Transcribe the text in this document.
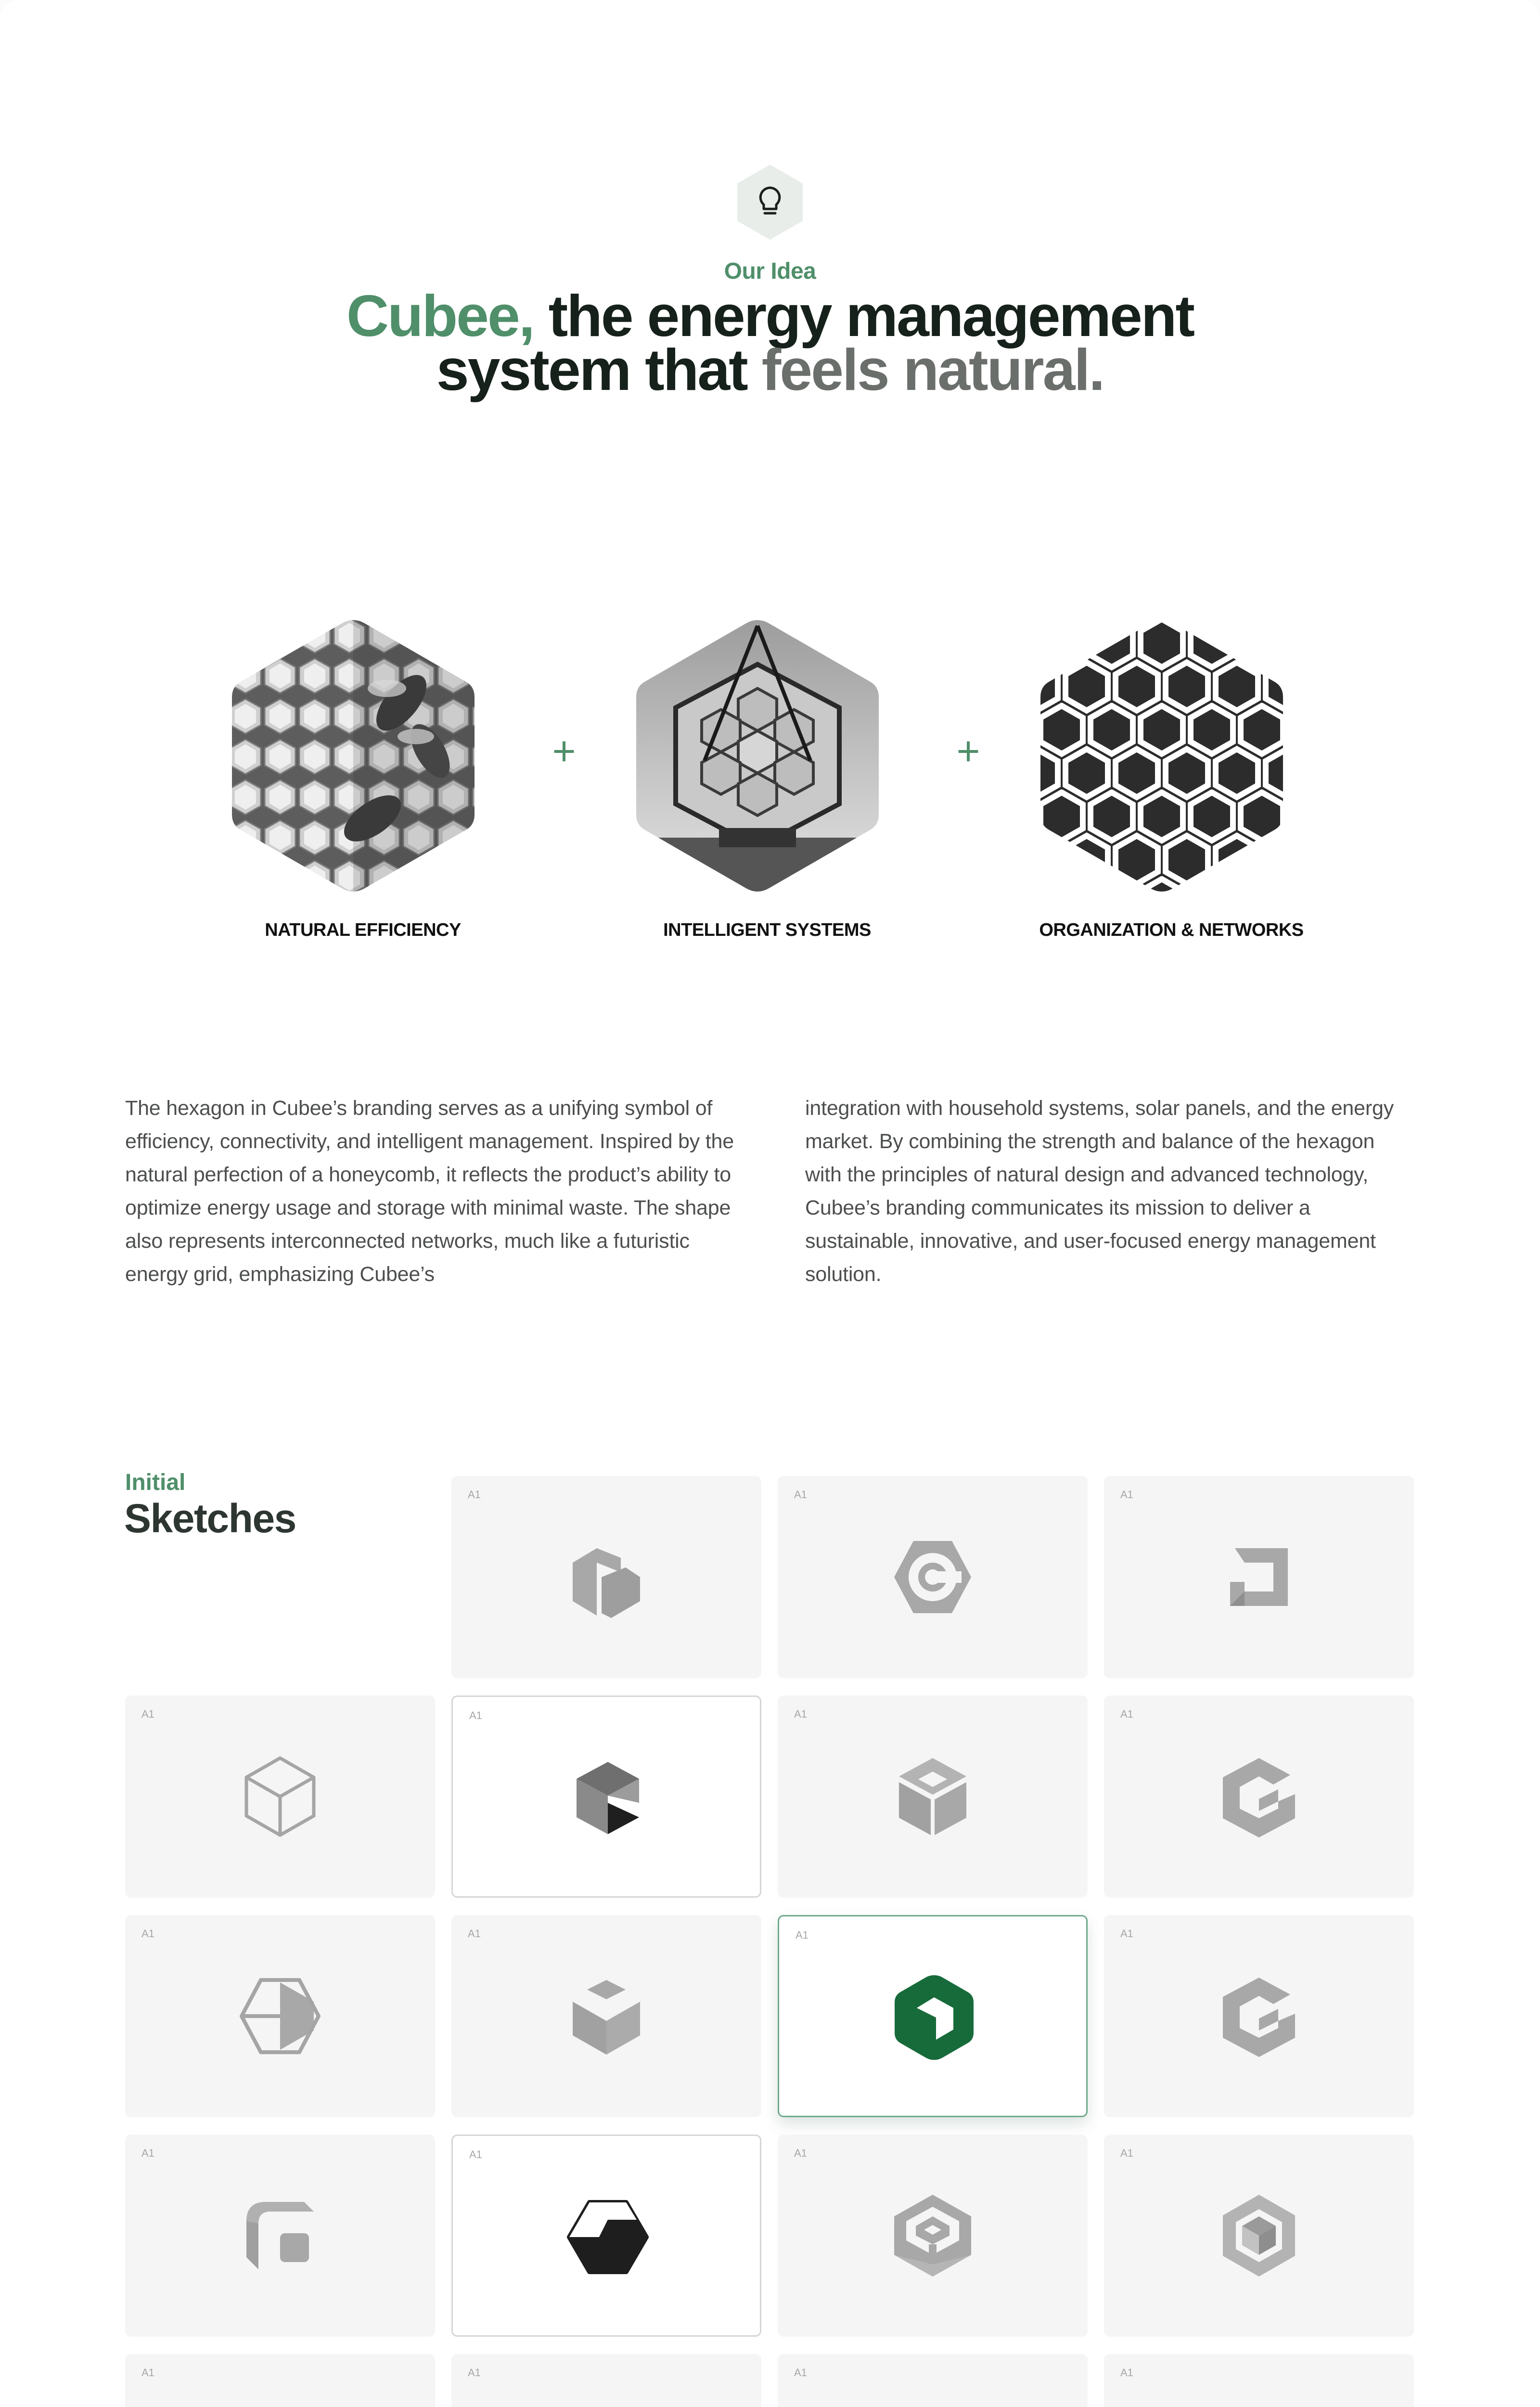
Our Idea
Cubee, the energy management system that feels natural.
NATURAL EFFICIENCY
+
INTELLIGENT SYSTEMS
+
ORGANIZATION & NETWORKS
The hexagon in Cubee’s branding serves as a unifying symbol of efficiency, connectivity, and intelligent management. Inspired by the natural perfection of a honeycomb, it reflects the product’s ability to optimize energy usage and storage with minimal waste. The shape also represents interconnected networks, much like a futuristic energy grid, emphasizing Cubee’s
integration with household systems, solar panels, and the energy market. By combining the strength and balance of the hexagon with the principles of natural design and advanced technology, Cubee’s branding communicates its mission to deliver a sustainable, innovative, and user-focused energy management solution.
Initial
Sketches
A1	A1	A1
A1	A1	A1	A1
A1	A1	A1	A1
A1	A1	A1	A1
A1	A1	A1	A1
